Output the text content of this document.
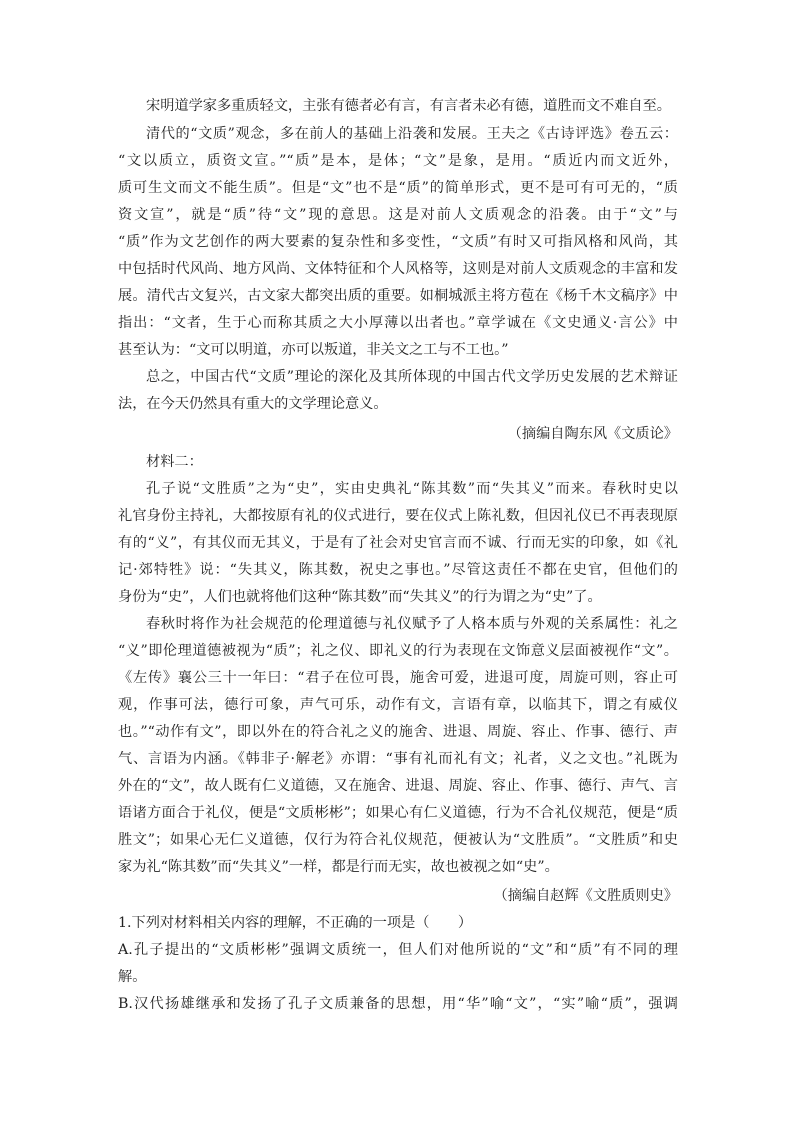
宋明道学家多重质轻文，主张有德者必有言，有言者未必有德，道胜而文不难自至。
清代的“文质”观念，多在前人的基础上沿袭和发展。王夫之《古诗评选》卷五云：
“文以质立，质资文宣。”“质”是本，是体；“文”是象，是用。“质近内而文近外，
质可生文而文不能生质”。但是“文”也不是“质”的简单形式，更不是可有可无的，“质
资文宣”，就是“质”待“文”现的意思。这是对前人文质观念的沿袭。由于“文”与
“质”作为文艺创作的两大要素的复杂性和多变性，“文质”有时又可指风格和风尚，其
中包括时代风尚、地方风尚、文体特征和个人风格等，这则是对前人文质观念的丰富和发
展。清代古文复兴，古文家大都突出质的重要。如桐城派主将方苞在《杨千木文稿序》中
指出：“文者，生于心而称其质之大小厚薄以出者也。”章学诚在《文史通义·言公》中
甚至认为：“文可以明道，亦可以叛道，非关文之工与不工也。”
总之，中国古代“文质”理论的深化及其所体现的中国古代文学历史发展的艺术辩证
法，在今天仍然具有重大的文学理论意义。
（摘编自陶东风《文质论》
材料二：
孔子说“文胜质”之为“史”，实由史典礼“陈其数”而“失其义”而来。春秋时史以
礼官身份主持礼，大都按原有礼的仪式进行，要在仪式上陈礼数，但因礼仪已不再表现原
有的“义”，有其仪而无其义，于是有了社会对史官言而不诚、行而无实的印象，如《礼
记·郊特牲》说：“失其义，陈其数，祝史之事也。”尽管这责任不都在史官，但他们的
身份为“史”，人们也就将他们这种“陈其数”而“失其义”的行为谓之为“史”了。
春秋时将作为社会规范的伦理道德与礼仪赋予了人格本质与外观的关系属性：礼之
“义”即伦理道德被视为“质”；礼之仪、即礼义的行为表现在文饰意义层面被视作“文”。
《左传》襄公三十一年曰：“君子在位可畏，施舍可爱，进退可度，周旋可则，容止可
观，作事可法，德行可象，声气可乐，动作有文，言语有章，以临其下，谓之有威仪
也。”“动作有文”，即以外在的符合礼之义的施舍、进退、周旋、容止、作事、德行、声
气、言语为内涵。《韩非子·解老》亦谓：“事有礼而礼有文；礼者，义之文也。”礼既为
外在的“文”，故人既有仁义道德，又在施舍、进退、周旋、容止、作事、德行、声气、言
语诸方面合于礼仪，便是“文质彬彬”；如果心有仁义道德，行为不合礼仪规范，便是“质
胜文”；如果心无仁义道德，仅行为符合礼仪规范，便被认为“文胜质”。“文胜质”和史
家为礼“陈其数”而“失其义”一样，都是行而无实，故也被视之如“史”。
（摘编自赵辉《文胜质则史》
1.下列对材料相关内容的理解，不正确的一项是（　　）
A.孔子提出的“文质彬彬”强调文质统一，但人们对他所说的“文”和“质”有不同的理
解。
B.汉代扬雄继承和发扬了孔子文质兼备的思想，用“华”喻“文”，“实”喻“质”，强调
